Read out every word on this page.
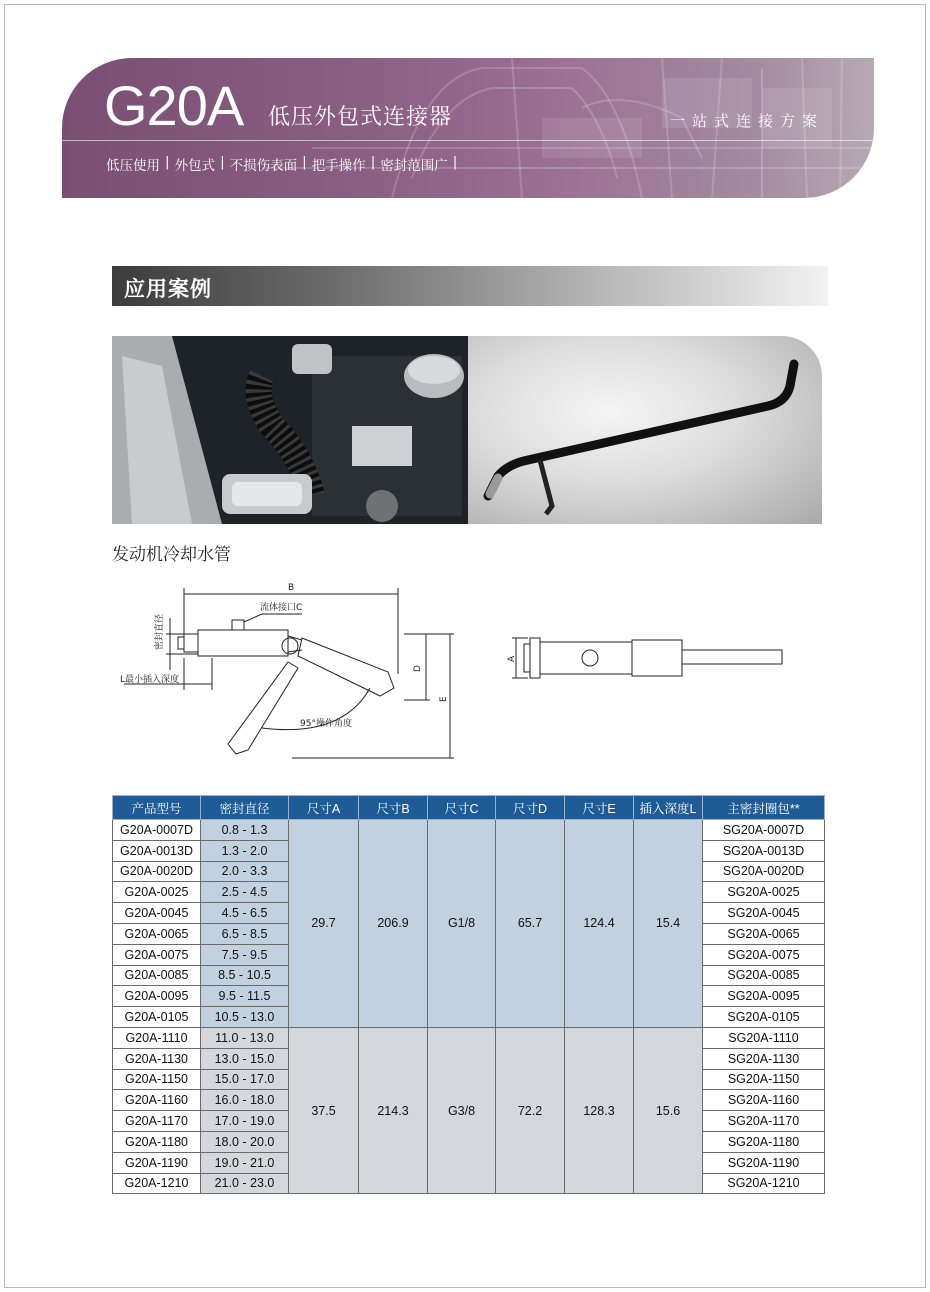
G20A 低压外包式连接器	一站式连接方案
低压使用 | 外包式 | 不损伤表面 | 把手操作 | 密封范围广 |
应用案例
发动机冷却水管
B
流体接口C
密封直径
L最小插入深度
D
E
95°操作角度
A
产品型号	密封直径	尺寸A	尺寸B	尺寸C	尺寸D	尺寸E	插入深度L	主密封圈包**
G20A-0007D	0.8 - 1.3	29.7	206.9	G1/8	65.7	124.4	15.4	SG20A-0007D
G20A-0013D	1.3 - 2.0							SG20A-0013D
G20A-0020D	2.0 - 3.3							SG20A-0020D
G20A-0025	2.5 - 4.5							SG20A-0025
G20A-0045	4.5 - 6.5							SG20A-0045
G20A-0065	6.5 - 8.5							SG20A-0065
G20A-0075	7.5 - 9.5							SG20A-0075
G20A-0085	8.5 - 10.5							SG20A-0085
G20A-0095	9.5 - 11.5							SG20A-0095
G20A-0105	10.5 - 13.0							SG20A-0105
G20A-1110	11.0 - 13.0	37.5	214.3	G3/8	72.2	128.3	15.6	SG20A-1110
G20A-1130	13.0 - 15.0							SG20A-1130
G20A-1150	15.0 - 17.0							SG20A-1150
G20A-1160	16.0 - 18.0							SG20A-1160
G20A-1170	17.0 - 19.0							SG20A-1170
G20A-1180	18.0 - 20.0							SG20A-1180
G20A-1190	19.0 - 21.0							SG20A-1190
G20A-1210	21.0 - 23.0							SG20A-1210
